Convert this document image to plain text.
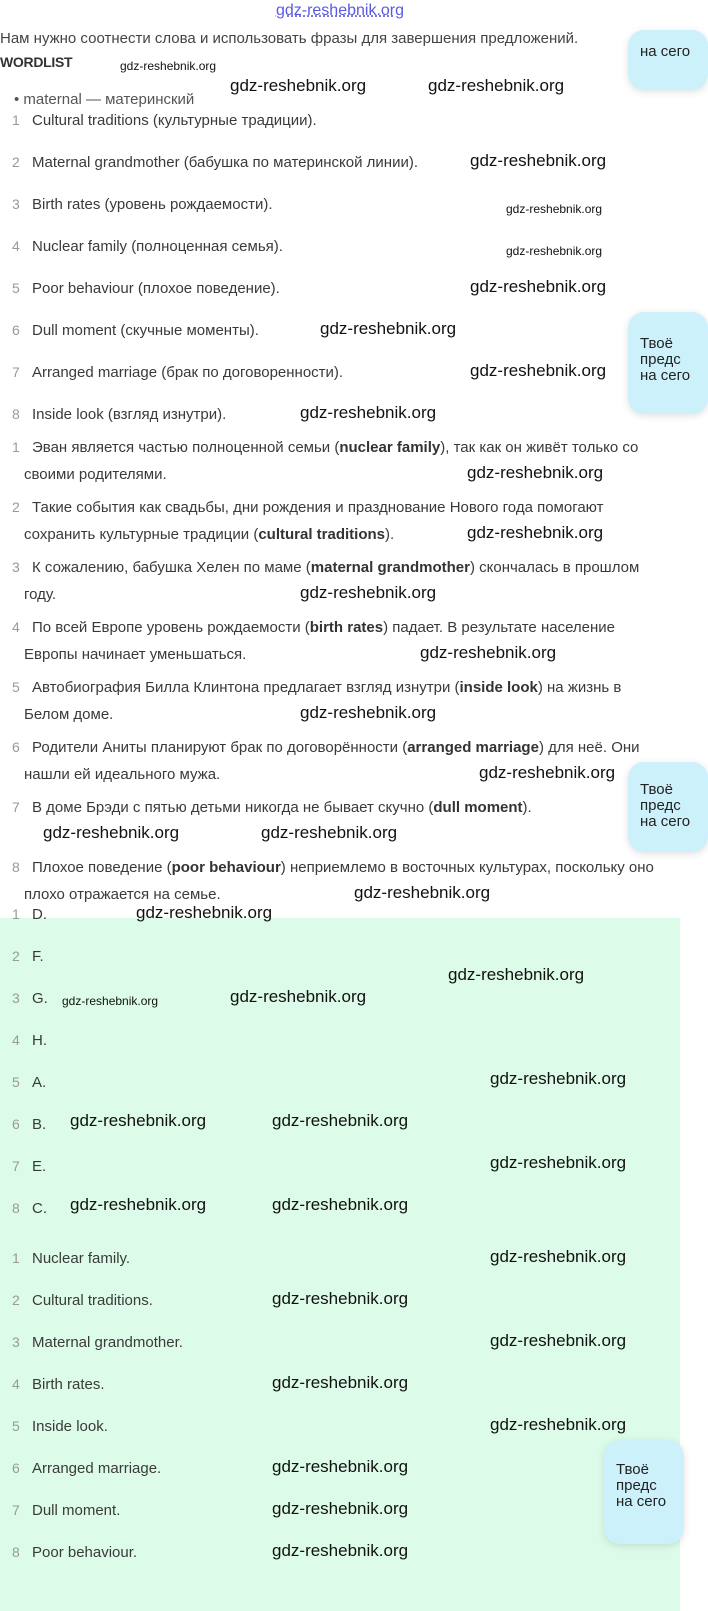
gdz-reshebnik.org
Нам нужно соотнести слова и использовать фразы для завершения предложений.
WORDLIST
• maternal — материнский
1 Cultural traditions (культурные традиции).
2 Maternal grandmother (бабушка по материнской линии).
3 Birth rates (уровень рождаемости).
4 Nuclear family (полноценная семья).
5 Poor behaviour (плохое поведение).
6 Dull moment (скучные моменты).
7 Arranged marriage (брак по договоренности).
8 Inside look (взгляд изнутри).
1 D.
2 F.
3 G.
4 H.
5 A.
6 B.
7 E.
8 C.
1 Nuclear family.
2 Cultural traditions.
3 Maternal grandmother.
4 Birth rates.
5 Inside look.
6 Arranged marriage.
7 Dull moment.
8 Poor behaviour.
1 Эван является частью полноценной семьи (nuclear family), так как он живёт только со своими родителями.
2 Такие события как свадьбы, дни рождения и празднование Нового года помогают сохранить культурные традиции (cultural traditions).
3 К сожалению, бабушка Хелен по маме (maternal grandmother) скончалась в прошлом году.
4 По всей Европе уровень рождаемости (birth rates) падает. В результате население Европы начинает уменьшаться.
5 Автобиография Билла Клинтона предлагает взгляд изнутри (inside look) на жизнь в Белом доме.
6 Родители Аниты планируют брак по договорённости (arranged marriage) для неё. Они нашли ей идеального мужа.
7 В доме Брэди с пятью детьми никогда не бывает скучно (dull moment).
8 Плохое поведение (poor behaviour) неприемлемо в восточных культурах, поскольку оно плохо отражается на семье.
на сего
Твоё
предс
на сего
Твоё
предс
на сего
Твоё
предс
на сего
gdz-reshebnik.org
gdz-reshebnik.org	gdz-reshebnik.org
gdz-reshebnik.org
gdz-reshebnik.org
gdz-reshebnik.org
gdz-reshebnik.org
gdz-reshebnik.org
gdz-reshebnik.org
gdz-reshebnik.org
gdz-reshebnik.org
gdz-reshebnik.org
gdz-reshebnik.org
gdz-reshebnik.org
gdz-reshebnik.org
gdz-reshebnik.org
gdz-reshebnik.org	gdz-reshebnik.org
gdz-reshebnik.org
gdz-reshebnik.org
gdz-reshebnik.org
gdz-reshebnik.org	gdz-reshebnik.org
gdz-reshebnik.org
gdz-reshebnik.org	gdz-reshebnik.org
gdz-reshebnik.org
gdz-reshebnik.org	gdz-reshebnik.org
gdz-reshebnik.org
gdz-reshebnik.org
gdz-reshebnik.org
gdz-reshebnik.org
gdz-reshebnik.org
gdz-reshebnik.org
gdz-reshebnik.org
gdz-reshebnik.org
